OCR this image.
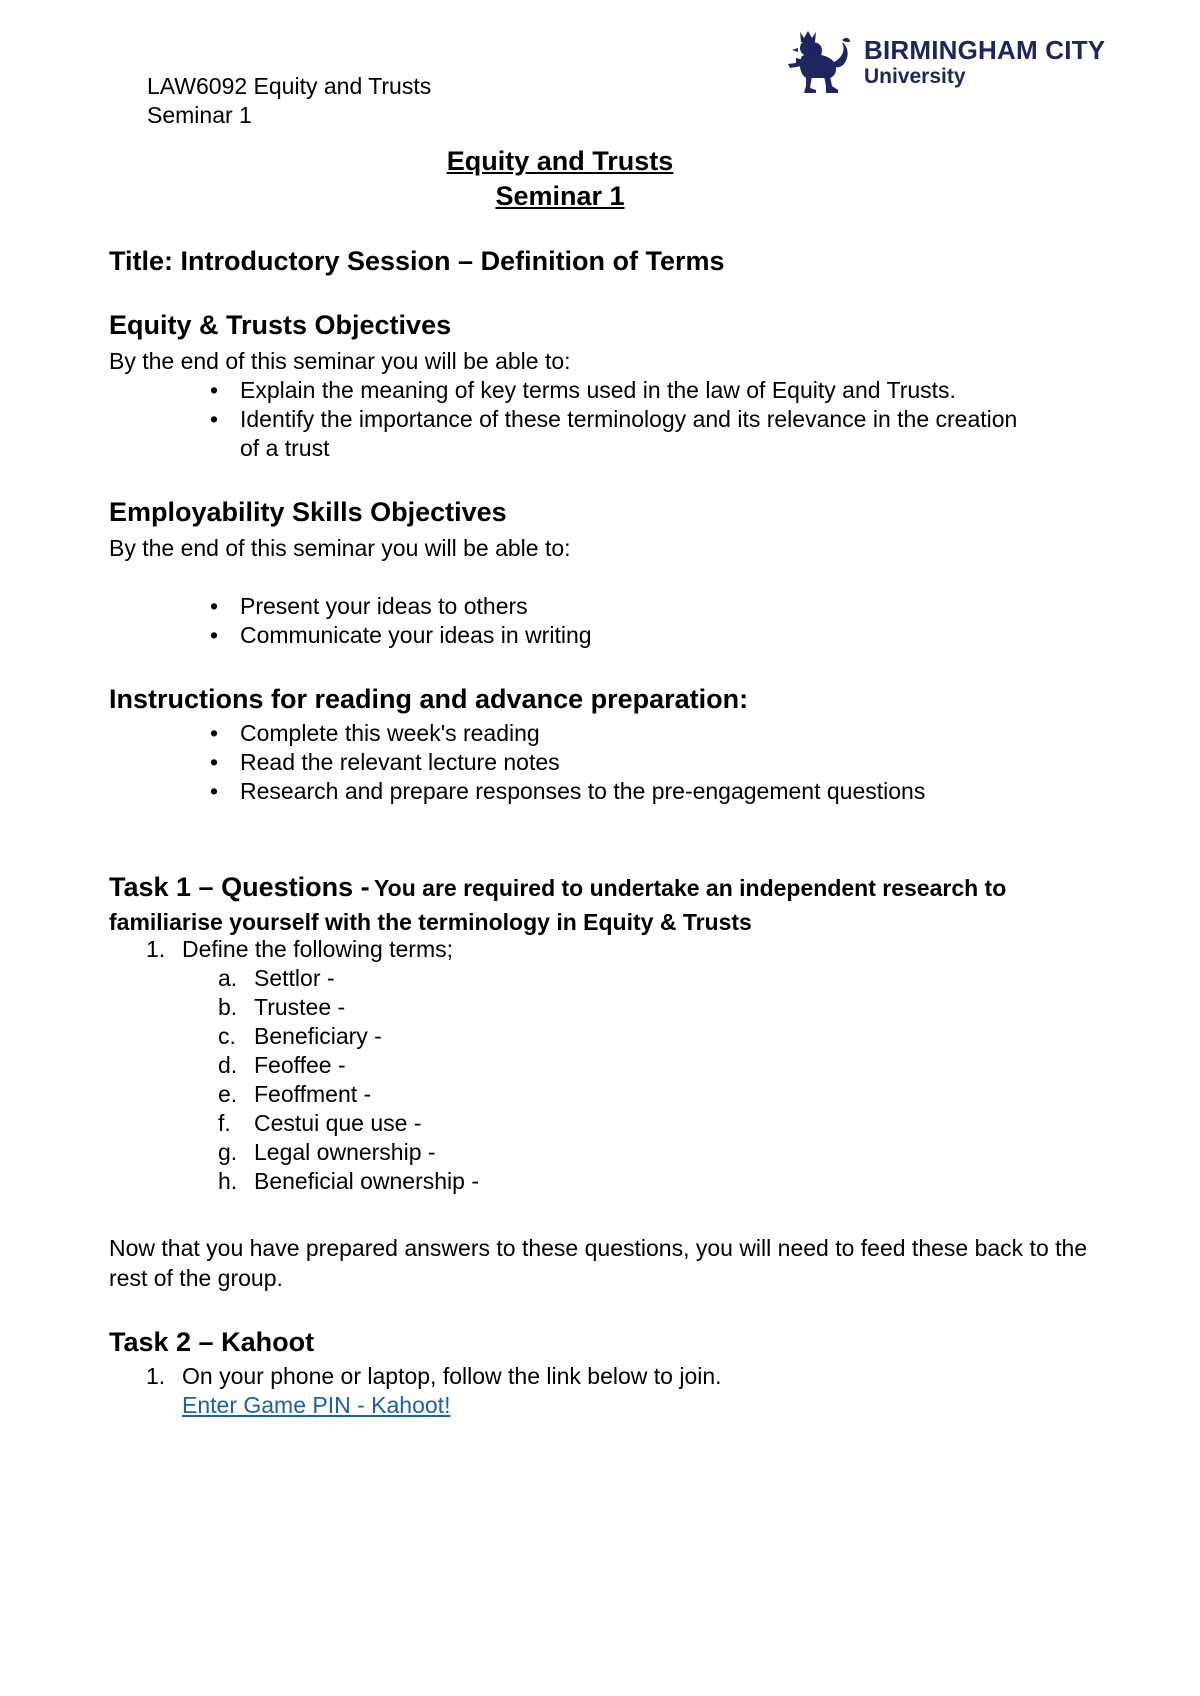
LAW6092 Equity and Trusts
Seminar 1
BIRMINGHAM CITY
University
Equity and Trusts
Seminar 1
Title: Introductory Session – Definition of Terms
Equity & Trusts Objectives
By the end of this seminar you will be able to:
• Explain the meaning of key terms used in the law of Equity and Trusts.
• Identify the importance of these terminology and its relevance in the creation of a trust
Employability Skills Objectives
By the end of this seminar you will be able to:
• Present your ideas to others
• Communicate your ideas in writing
Instructions for reading and advance preparation:
• Complete this week's reading
• Read the relevant lecture notes
• Research and prepare responses to the pre-engagement questions
Task 1 – Questions - You are required to undertake an independent research to familiarise yourself with the terminology in Equity & Trusts
1. Define the following terms;
a. Settlor -
b. Trustee -
c. Beneficiary -
d. Feoffee -
e. Feoffment -
f. Cestui que use -
g. Legal ownership -
h. Beneficial ownership -
Now that you have prepared answers to these questions, you will need to feed these back to the rest of the group.
Task 2 – Kahoot
1. On your phone or laptop, follow the link below to join.
Enter Game PIN - Kahoot!
